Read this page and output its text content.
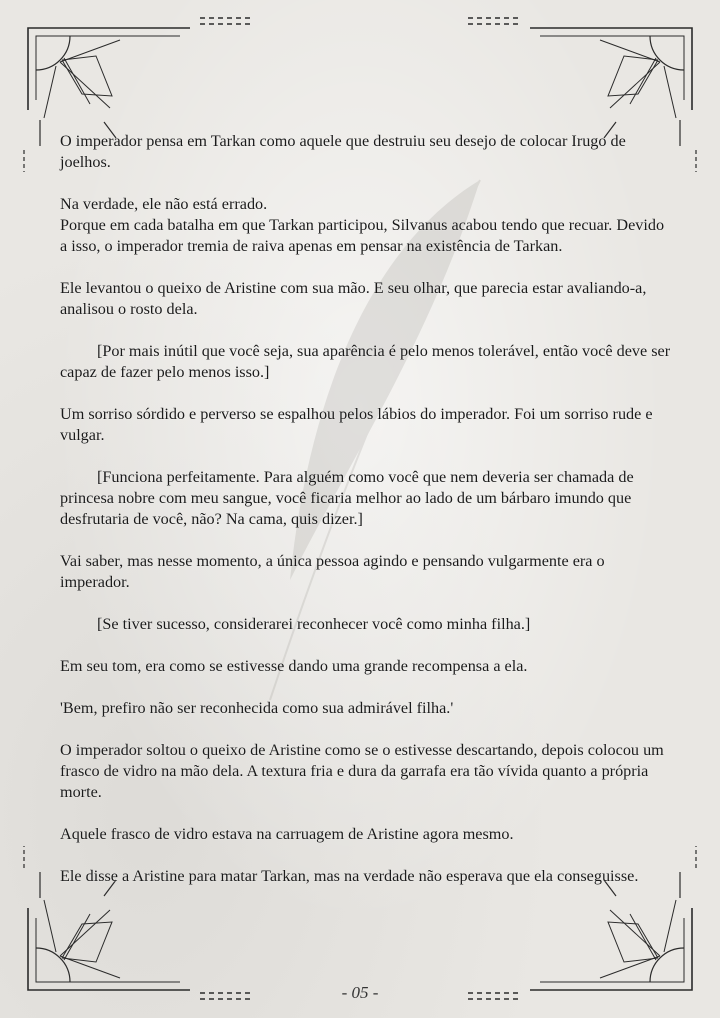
O imperador pensa em Tarkan como aquele que destruiu seu desejo de colocar Irugo de joelhos.

Na verdade, ele não está errado.
Porque em cada batalha em que Tarkan participou, Silvanus acabou tendo que recuar. Devido a isso, o imperador tremia de raiva apenas em pensar na existência de Tarkan.

Ele levantou o queixo de Aristine com sua mão. E seu olhar, que parecia estar avaliando-a, analisou o rosto dela.

[Por mais inútil que você seja, sua aparência é pelo menos tolerável, então você deve ser capaz de fazer pelo menos isso.]

Um sorriso sórdido e perverso se espalhou pelos lábios do imperador. Foi um sorriso rude e vulgar.

[Funciona perfeitamente. Para alguém como você que nem deveria ser chamada de princesa nobre com meu sangue, você ficaria melhor ao lado de um bárbaro imundo que desfrutaria de você, não? Na cama, quis dizer.]

Vai saber, mas nesse momento, a única pessoa agindo e pensando vulgarmente era o imperador.

[Se tiver sucesso, considerarei reconhecer você como minha filha.]

Em seu tom, era como se estivesse dando uma grande recompensa a ela.

'Bem, prefiro não ser reconhecida como sua admirável filha.'

O imperador soltou o queixo de Aristine como se o estivesse descartando, depois colocou um frasco de vidro na mão dela. A textura fria e dura da garrafa era tão vívida quanto a própria morte.

Aquele frasco de vidro estava na carruagem de Aristine agora mesmo.

Ele disse a Aristine para matar Tarkan, mas na verdade não esperava que ela conseguisse.

- 05 -
